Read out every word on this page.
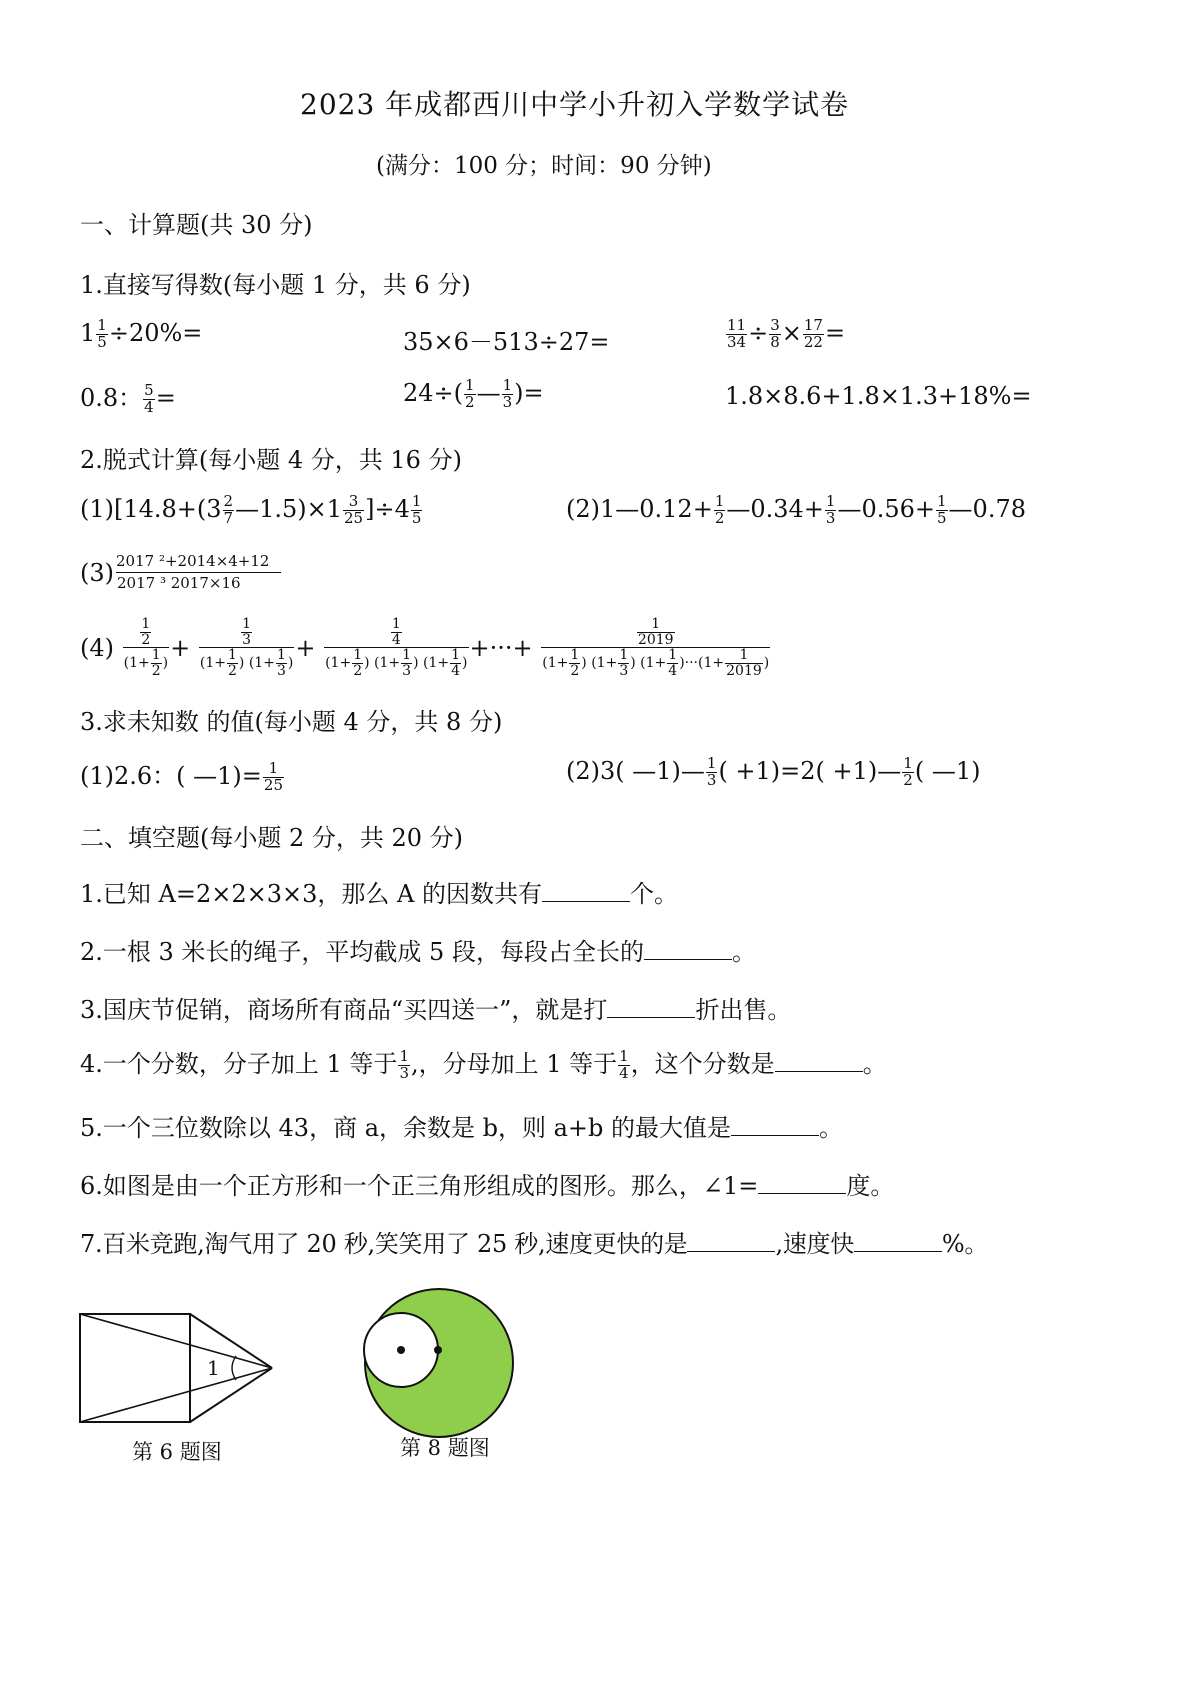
2023 年成都西川中学小升初入学数学试卷
(满分：100 分；时间：90 分钟)
一、计算题(共 30 分)
1.直接写得数(每小题 1 分，共 6 分)
$1 \frac{1}{5} \div 20\%=$	35×6－513÷27=	$\frac{11}{34} \div \frac{3}{8} \times \frac{17}{22}$ =
0.8： $\frac{5}{4}$ =	$24\div( \frac{1}{2}$ — $\frac{1}{3}$ )=	1.8×8.6+1.8×1.3+18%=
2.脱式计算(每小题 4 分，共 16 分)
$(1)[14.8+(3 \frac{2}{7}$ —1.5)×1 $\frac{3}{25} ]\div 4 \frac{1}{5}$	(2)1—0.12+ $\frac{1}{2}$ —0.34+ $\frac{1}{3}$ —0.56+ $\frac{1}{5}$ —0.78
$(3) \frac{\text{2017 ²+2014×4+12}}{\text{2017 ³ 2017×16}}$
$(4) \frac{\frac{1}{2}}{(1+ \frac{1}{2} )} + \frac{\frac{1}{3}}{(1+ \frac{1}{2} ) (1+ \frac{1}{3} )} + \frac{\frac{1}{4}}{(1+ \frac{1}{2} ) (1+ \frac{1}{3} ) (1+ \frac{1}{4} )}$ +···+ $\frac{\frac{1}{2019}}{(1+ \frac{1}{2} ) (1+ \frac{1}{3} ) (1+ \frac{1}{4} )\cdot\cdot\cdot(1+ \frac{1}{2019} )}$
3.求未知数 的值(每小题 4 分，共 8 分)
(1)2.6：( —1)= $\frac{1}{25}$	(2)3( —1)— $\frac{1}{3}$ ( +1)=2( +1)— $\frac{1}{2}$ ( —1)
二、填空题(每小题 2 分，共 20 分)
1.已知 A=2×2×3×3，那么 A 的因数共有	个。
2.一根 3 米长的绳子，平均截成 5 段，每段占全长的	。
3.国庆节促销，商场所有商品“买四送一”，就是打	折出售。
4.一个分数，分子加上 1 等于 $\frac{1}{3}$ ,，分母加上 1 等于 $\frac{1}{4}$ ，这个分数是	。
5.一个三位数除以 43，商 a，余数是 b，则 a+b 的最大值是	。
6.如图是由一个正方形和一个正三角形组成的图形。那么，∠1=	度。
7.百米竞跑,淘气用了 20 秒,笑笑用了 25 秒,速度更快的是	,速度快	%。
1
第 6 题图	第 8 题图
